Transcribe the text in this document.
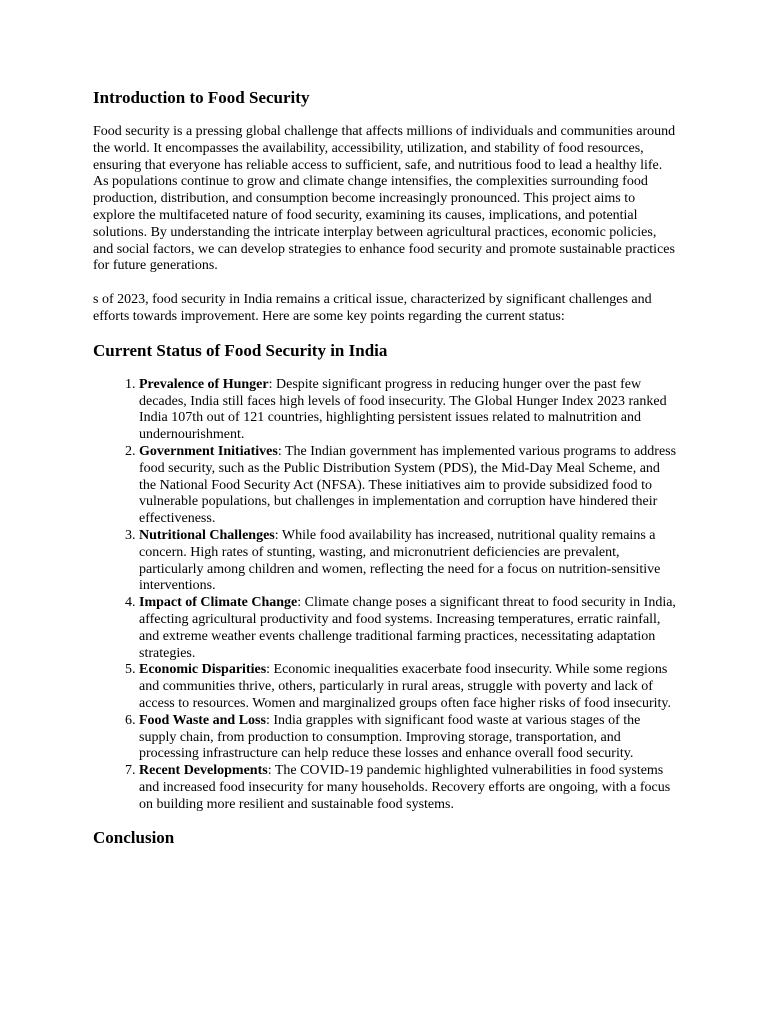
Introduction to Food Security

Food security is a pressing global challenge that affects millions of individuals and communities around the world. It encompasses the availability, accessibility, utilization, and stability of food resources, ensuring that everyone has reliable access to sufficient, safe, and nutritious food to lead a healthy life. As populations continue to grow and climate change intensifies, the complexities surrounding food production, distribution, and consumption become increasingly pronounced. This project aims to explore the multifaceted nature of food security, examining its causes, implications, and potential solutions. By understanding the intricate interplay between agricultural practices, economic policies, and social factors, we can develop strategies to enhance food security and promote sustainable practices for future generations.

s of 2023, food security in India remains a critical issue, characterized by significant challenges and efforts towards improvement. Here are some key points regarding the current status:

Current Status of Food Security in India
1. Prevalence of Hunger: Despite significant progress in reducing hunger over the past few decades, India still faces high levels of food insecurity. The Global Hunger Index 2023 ranked India 107th out of 121 countries, highlighting persistent issues related to malnutrition and undernourishment.
2. Government Initiatives: The Indian government has implemented various programs to address food security, such as the Public Distribution System (PDS), the Mid-Day Meal Scheme, and the National Food Security Act (NFSA). These initiatives aim to provide subsidized food to vulnerable populations, but challenges in implementation and corruption have hindered their effectiveness.
3. Nutritional Challenges: While food availability has increased, nutritional quality remains a concern. High rates of stunting, wasting, and micronutrient deficiencies are prevalent, particularly among children and women, reflecting the need for a focus on nutrition-sensitive interventions.
4. Impact of Climate Change: Climate change poses a significant threat to food security in India, affecting agricultural productivity and food systems. Increasing temperatures, erratic rainfall, and extreme weather events challenge traditional farming practices, necessitating adaptation strategies.
5. Economic Disparities: Economic inequalities exacerbate food insecurity. While some regions and communities thrive, others, particularly in rural areas, struggle with poverty and lack of access to resources. Women and marginalized groups often face higher risks of food insecurity.
6. Food Waste and Loss: India grapples with significant food waste at various stages of the supply chain, from production to consumption. Improving storage, transportation, and processing infrastructure can help reduce these losses and enhance overall food security.
7. Recent Developments: The COVID-19 pandemic highlighted vulnerabilities in food systems and increased food insecurity for many households. Recovery efforts are ongoing, with a focus on building more resilient and sustainable food systems.
Conclusion
